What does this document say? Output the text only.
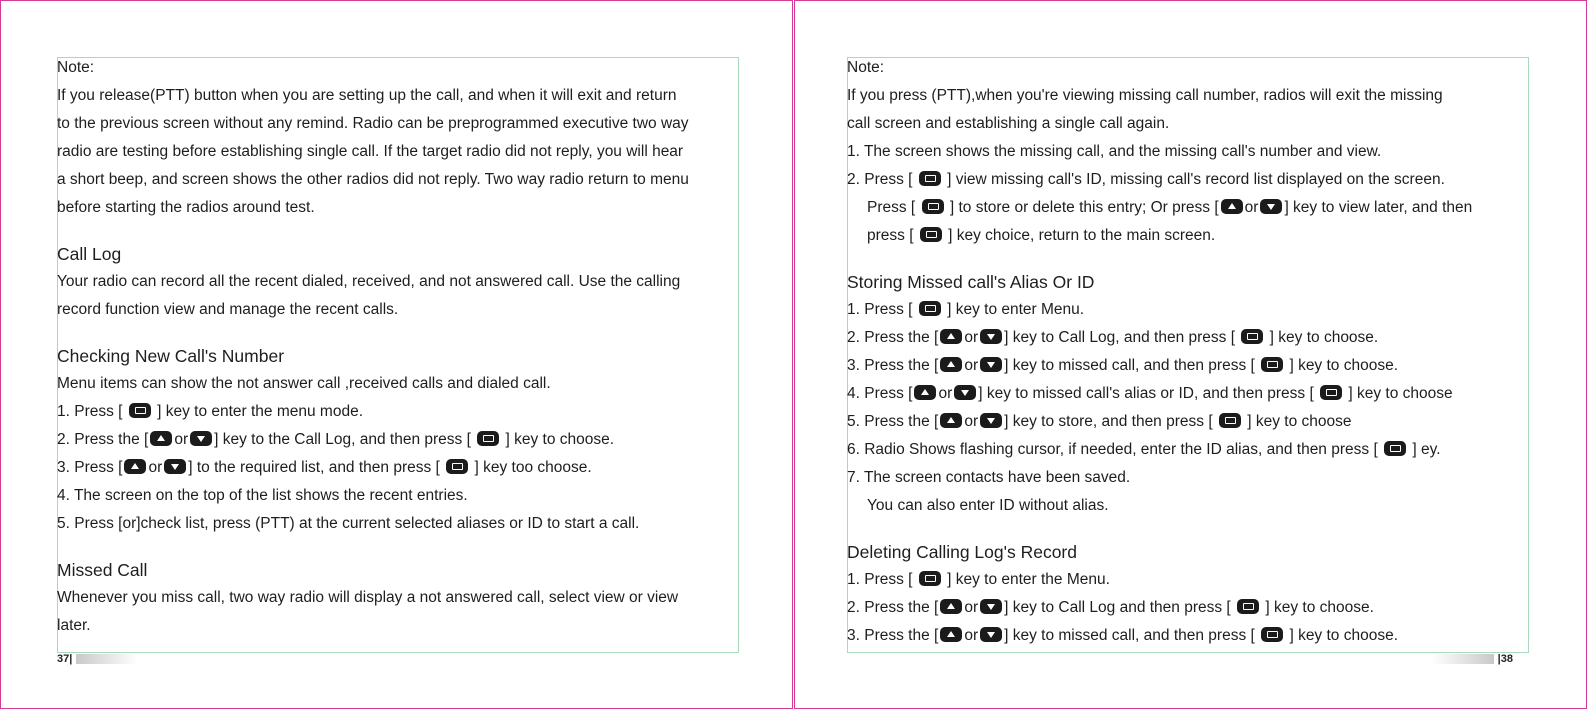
Note:
If you release(PTT) button when you are setting up the call, and when it will exit and return
to the previous screen without any remind. Radio can be preprogrammed executive two way
radio are testing before establishing single call. If the target radio did not reply, you will hear
a short beep, and screen shows the other radios did not reply. Two way radio return to menu
before starting the radios around test.
Call Log
Your radio can record all the recent dialed, received, and not answered call. Use the calling
record function view and manage the recent calls.
Checking New Call's Number
Menu items can show the not answer call ,received calls and dialed call.
1. Press [ ] key to enter the menu mode.
2. Press the [ or ] key to the Call Log, and then press [ ] key to choose.
3. Press [ or ] to the required list, and then press [ ] key too choose.
4. The screen on the top of the list shows the recent entries.
5. Press [or]check list, press (PTT) at the current selected aliases or ID to start a call.
Missed Call
Whenever you miss call, two way radio will display a not answered call, select view or view
later.
37 |
Note:
If you press (PTT),when you're viewing missing call number, radios will exit the missing
call screen and establishing a single call again.
1. The screen shows the missing call, and the missing call's number and view.
2. Press [ ] view missing call's ID, missing call's record list displayed on the screen.
Press [ ] to store or delete this entry; Or press [ or ] key to view later, and then
press [ ] key choice, return to the main screen.
Storing Missed call's Alias Or ID
1. Press [ ] key to enter Menu.
2. Press the [ or ] key to Call Log, and then press [ ] key to choose.
3. Press the [ or ] key to missed call, and then press [ ] key to choose.
4. Press [ or ] key to missed call's alias or ID, and then press [ ] key to choose
5. Press the [ or ] key to store, and then press [ ] key to choose
6. Radio Shows flashing cursor, if needed, enter the ID alias, and then press [ ] ey.
7. The screen contacts have been saved.
You can also enter ID without alias.
Deleting Calling Log's Record
1. Press [ ] key to enter the Menu.
2. Press the [ or ] key to Call Log and then press [ ] key to choose.
3. Press the [ or ] key to missed call, and then press [ ] key to choose.
| 38
